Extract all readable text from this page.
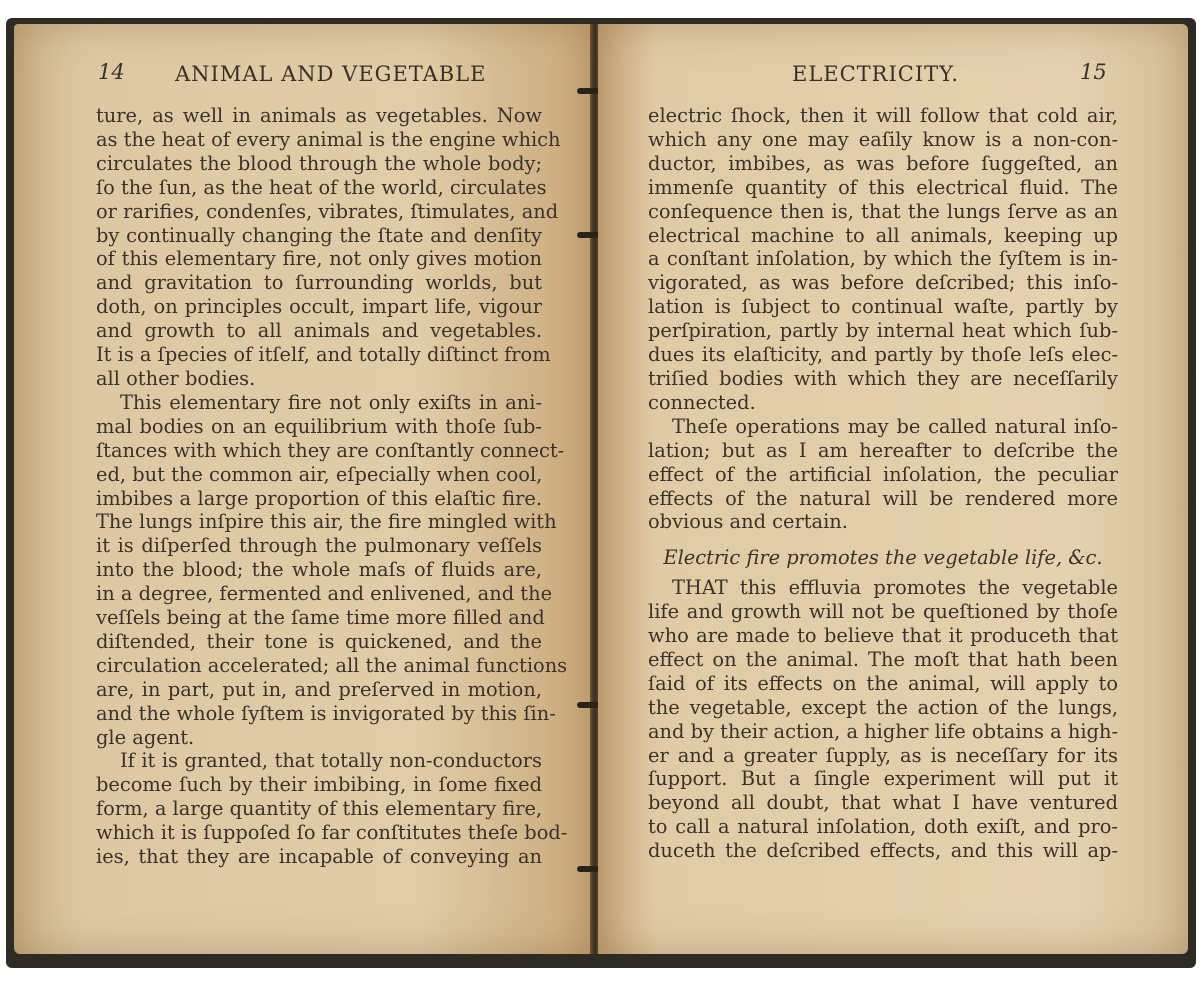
14 ANIMAL AND VEGETABLE
ture, as well in animals as vegetables. Now
as the heat of every animal is the engine which
circulates the blood through the whole body;
ſo the ſun, as the heat of the world, circulates
or rarifies, condenſes, vibrates, ſtimulates, and
by continually changing the ſtate and denſity
of this elementary fire, not only gives motion
and gravitation to ſurrounding worlds, but
doth, on principles occult, impart life, vigour
and growth to all animals and vegetables.
It is a ſpecies of itſelf, and totally diſtinct from
all other bodies.
This elementary fire not only exiſts in ani-
mal bodies on an equilibrium with thoſe ſub-
ſtances with which they are conſtantly connect-
ed, but the common air, eſpecially when cool,
imbibes a large proportion of this elaſtic fire.
The lungs inſpire this air, the fire mingled with
it is diſperſed through the pulmonary veſſels
into the blood; the whole maſs of fluids are,
in a degree, fermented and enlivened, and the
veſſels being at the ſame time more filled and
diſtended, their tone is quickened, and the
circulation accelerated; all the animal functions
are, in part, put in, and preſerved in motion,
and the whole ſyſtem is invigorated by this ſin-
gle agent.
If it is granted, that totally non-conductors
become ſuch by their imbibing, in ſome fixed
form, a large quantity of this elementary fire,
which it is ſuppoſed ſo far conſtitutes theſe bod-
ies, that they are incapable of conveying an
ELECTRICITY.	15
electric ſhock, then it will follow that cold air,
which any one may eaſily know is a non-con-
ductor, imbibes, as was before ſuggeſted, an
immenſe quantity of this electrical fluid. The
conſequence then is, that the lungs ſerve as an
electrical machine to all animals, keeping up
a conſtant inſolation, by which the ſyſtem is in-
vigorated, as was before deſcribed; this inſo-
lation is ſubject to continual waſte, partly by
perſpiration, partly by internal heat which ſub-
dues its elaſticity, and partly by thoſe leſs elec-
triſied bodies with which they are neceſſarily
connected.
Theſe operations may be called natural inſo-
lation; but as I am hereafter to deſcribe the
effect of the artificial inſolation, the peculiar
effects of the natural will be rendered more
obvious and certain.
Electric fire promotes the vegetable life, &c.
THAT this effluvia promotes the vegetable
life and growth will not be queſtioned by thoſe
who are made to believe that it produceth that
effect on the animal. The moſt that hath been
ſaid of its effects on the animal, will apply to
the vegetable, except the action of the lungs,
and by their action, a higher life obtains a high-
er and a greater ſupply, as is neceſſary for its
ſupport. But a ſingle experiment will put it
beyond all doubt, that what I have ventured
to call a natural inſolation, doth exiſt, and pro-
duceth the deſcribed effects, and this will ap-
